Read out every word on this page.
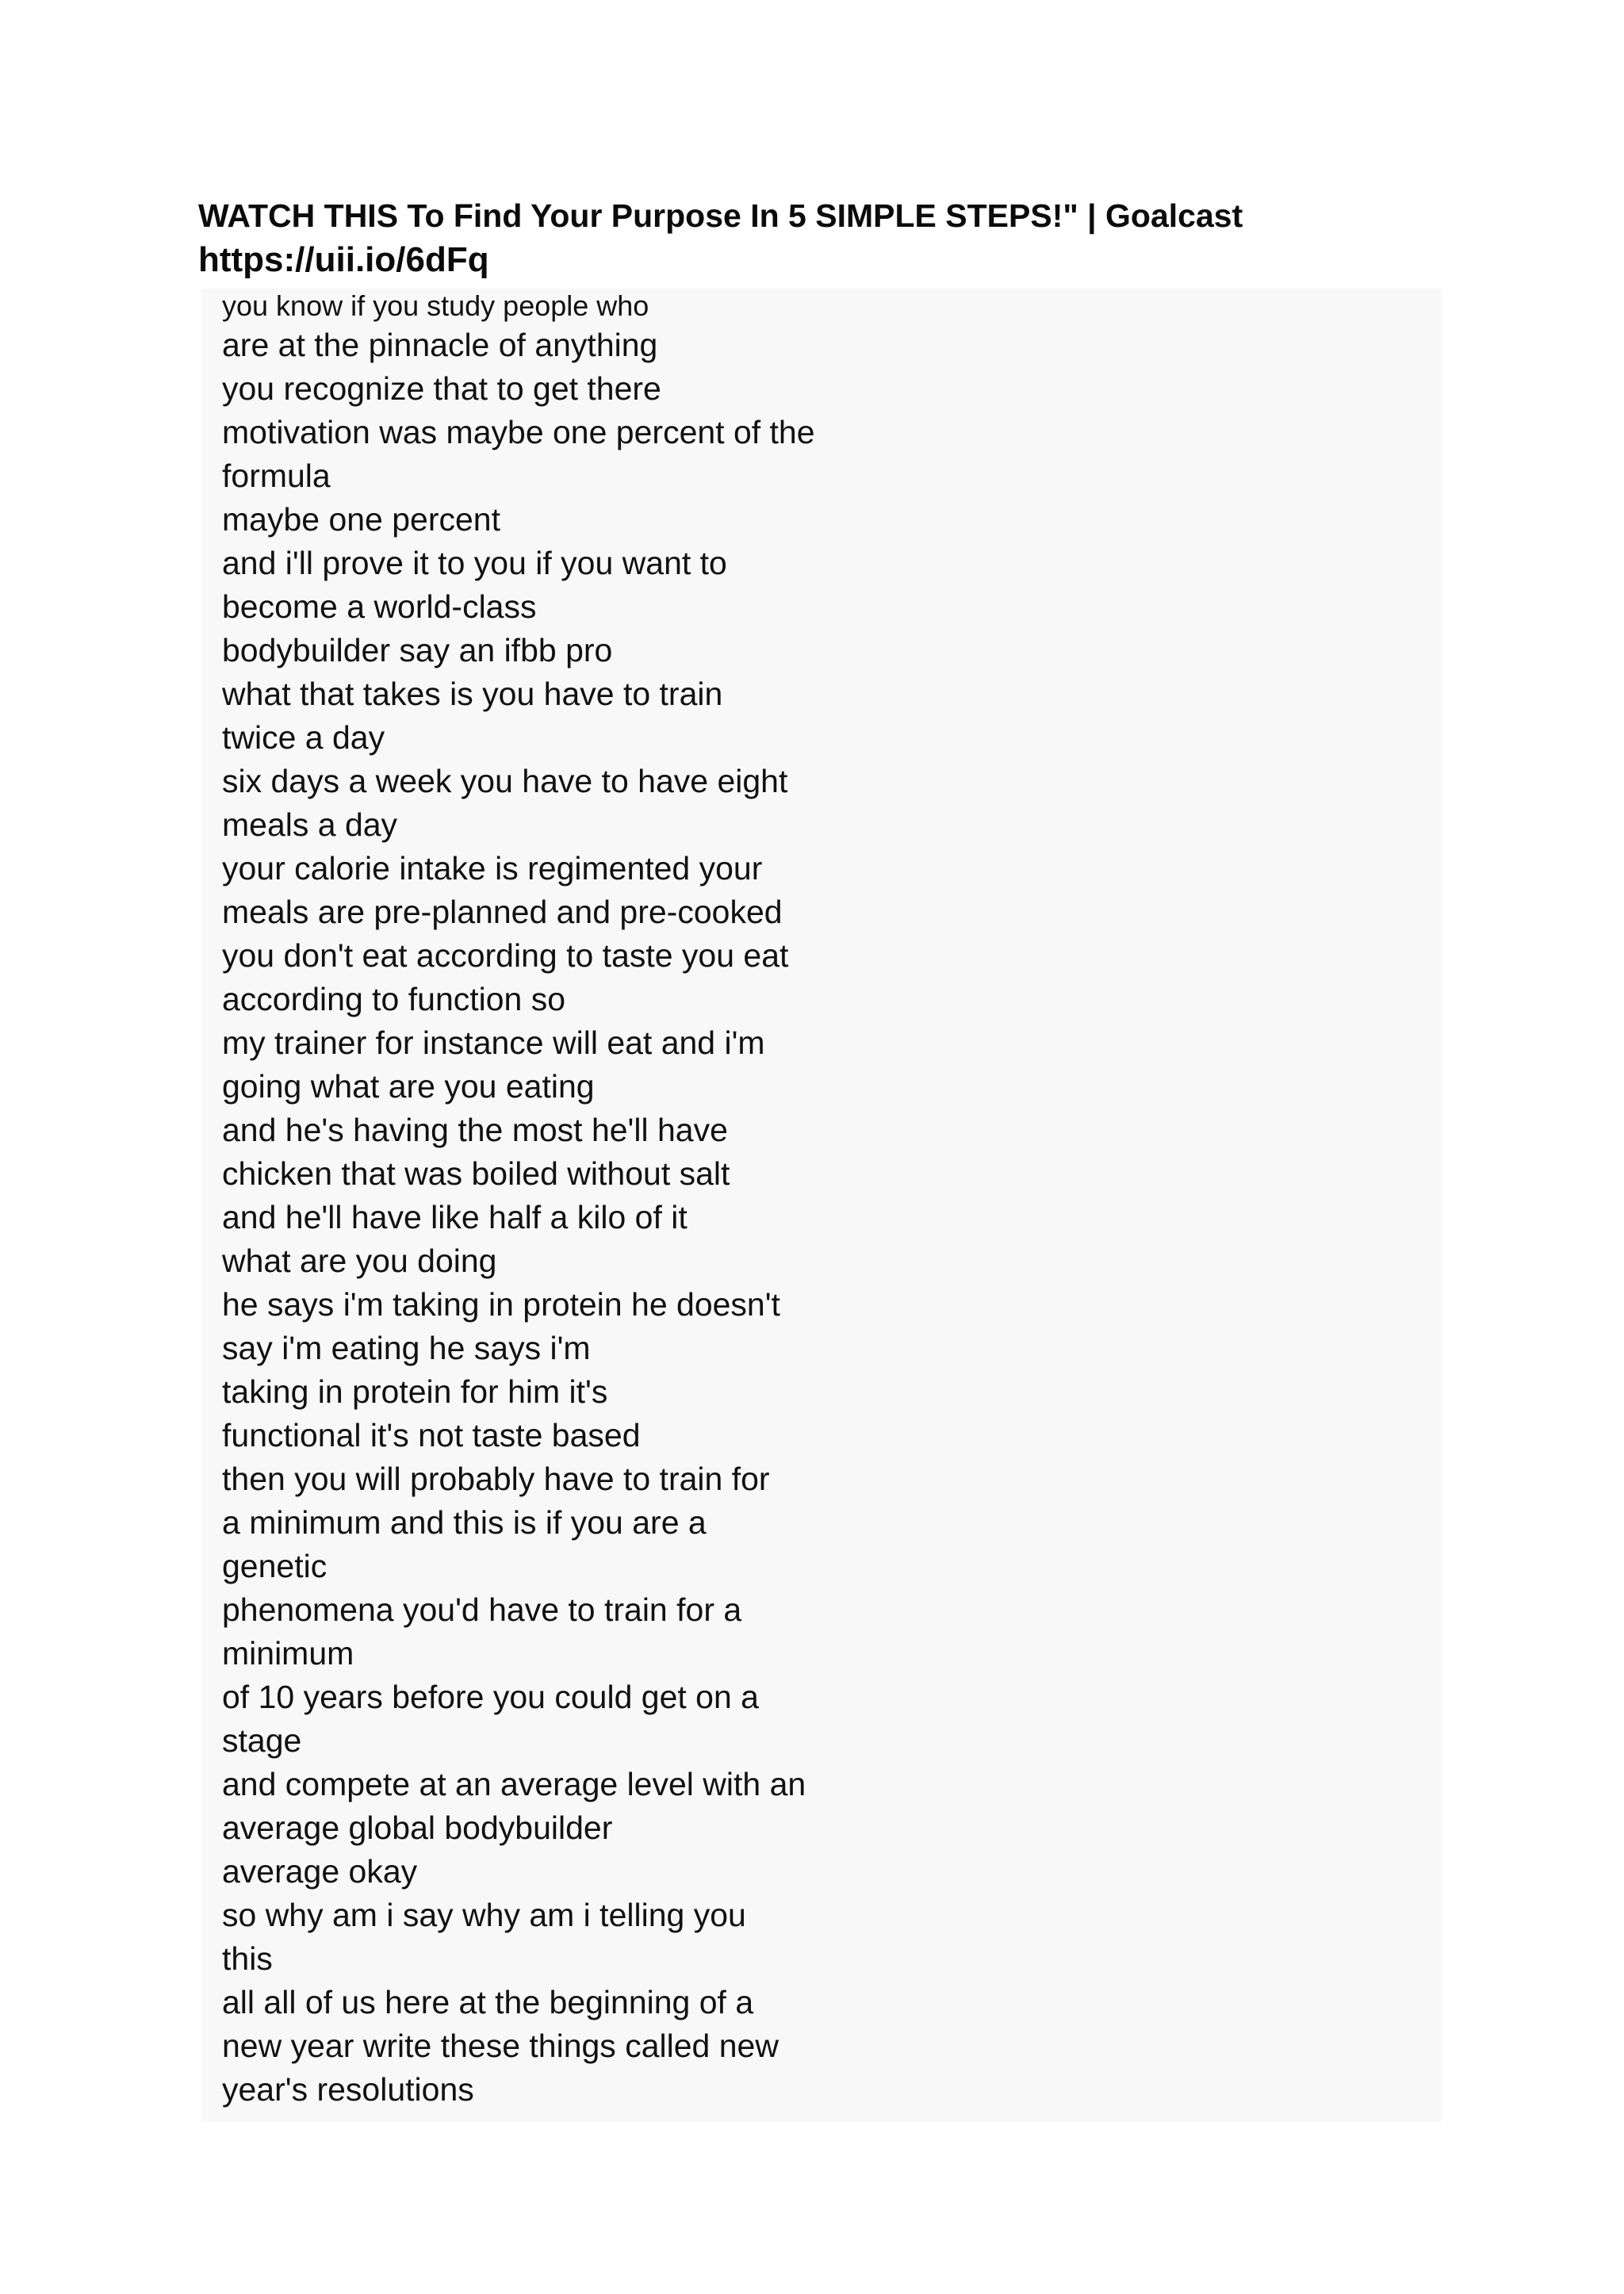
WATCH THIS To Find Your Purpose In 5 SIMPLE STEPS!" | Goalcast
https://uii.io/6dFq

you know if you study people who

are at the pinnacle of anything
you recognize that to get there
motivation was maybe one percent of the
formula
maybe one percent
and i'll prove it to you if you want to
become a world-class
bodybuilder say an ifbb pro
what that takes is you have to train
twice a day
six days a week you have to have eight
meals a day
your calorie intake is regimented your
meals are pre-planned and pre-cooked
you don't eat according to taste you eat
according to function so
my trainer for instance will eat and i'm
going what are you eating
and he's having the most he'll have
chicken that was boiled without salt
and he'll have like half a kilo of it
what are you doing
he says i'm taking in protein he doesn't
say i'm eating he says i'm
taking in protein for him it's
functional it's not taste based
then you will probably have to train for
a minimum and this is if you are a
genetic
phenomena you'd have to train for a
minimum
of 10 years before you could get on a
stage
and compete at an average level with an
average global bodybuilder
average okay
so why am i say why am i telling you
this
all all of us here at the beginning of a
new year write these things called new
year's resolutions
